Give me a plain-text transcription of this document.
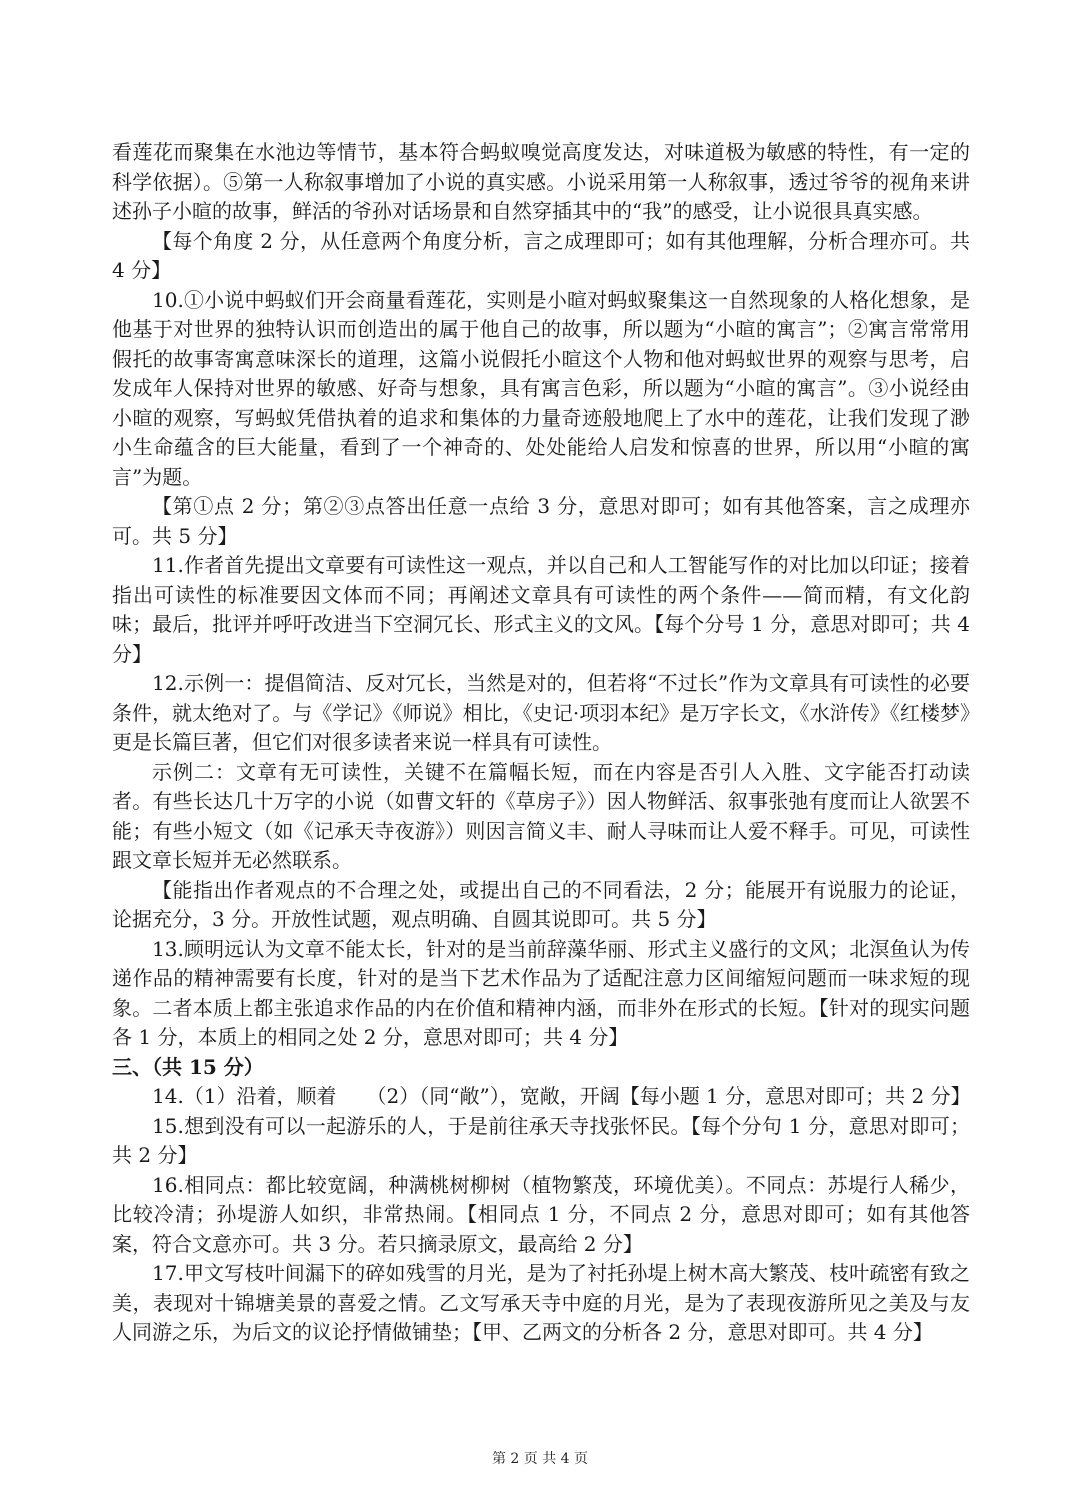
看莲花而聚集在水池边等情节，基本符合蚂蚁嗅觉高度发达，对味道极为敏感的特性，有一定的科学依据）。⑤第一人称叙事增加了小说的真实感。小说采用第一人称叙事，透过爷爷的视角来讲述孙子小暄的故事，鲜活的爷孙对话场景和自然穿插其中的“我”的感受，让小说很具真实感。

【每个角度 2 分，从任意两个角度分析，言之成理即可；如有其他理解，分析合理亦可。共 4 分】

10.①小说中蚂蚁们开会商量看莲花，实则是小暄对蚂蚁聚集这一自然现象的人格化想象，是他基于对世界的独特认识而创造出的属于他自己的故事，所以题为“小暄的寓言”；②寓言常常用假托的故事寄寓意味深长的道理，这篇小说假托小暄这个人物和他对蚂蚁世界的观察与思考，启发成年人保持对世界的敏感、好奇与想象，具有寓言色彩，所以题为“小暄的寓言”。③小说经由小暄的观察，写蚂蚁凭借执着的追求和集体的力量奇迹般地爬上了水中的莲花，让我们发现了渺小生命蕴含的巨大能量，看到了一个神奇的、处处能给人启发和惊喜的世界，所以用“小暄的寓言”为题。

【第①点 2 分；第②③点答出任意一点给 3 分，意思对即可；如有其他答案，言之成理亦可。共 5 分】

11.作者首先提出文章要有可读性这一观点，并以自己和人工智能写作的对比加以印证；接着指出可读性的标准要因文体而不同；再阐述文章具有可读性的两个条件——简而精，有文化韵味；最后，批评并呼吁改进当下空洞冗长、形式主义的文风。【每个分号 1 分，意思对即可；共 4 分】

12.示例一：提倡简洁、反对冗长，当然是对的，但若将“不过长”作为文章具有可读性的必要条件，就太绝对了。与《学记》《师说》相比，《史记·项羽本纪》是万字长文，《水浒传》《红楼梦》更是长篇巨著，但它们对很多读者来说一样具有可读性。

示例二：文章有无可读性，关键不在篇幅长短，而在内容是否引人入胜、文字能否打动读者。有些长达几十万字的小说（如曹文轩的《草房子》）因人物鲜活、叙事张弛有度而让人欲罢不能；有些小短文（如《记承天寺夜游》）则因言简义丰、耐人寻味而让人爱不释手。可见，可读性跟文章长短并无必然联系。

【能指出作者观点的不合理之处，或提出自己的不同看法，2 分；能展开有说服力的论证，论据充分，3 分。开放性试题，观点明确、自圆其说即可。共 5 分】

13.顾明远认为文章不能太长，针对的是当前辞藻华丽、形式主义盛行的文风；北溟鱼认为传递作品的精神需要有长度，针对的是当下艺术作品为了适配注意力区间缩短问题而一味求短的现象。二者本质上都主张追求作品的内在价值和精神内涵，而非外在形式的长短。【针对的现实问题各 1 分，本质上的相同之处 2 分，意思对即可；共 4 分】

三、（共 15 分）

14.（1）沿着，顺着　　（2）（同“敞”），宽敞，开阔【每小题 1 分，意思对即可；共 2 分】

15.想到没有可以一起游乐的人，于是前往承天寺找张怀民。【每个分句 1 分，意思对即可；共 2 分】

16.相同点：都比较宽阔，种满桃树柳树（植物繁茂，环境优美）。不同点：苏堤行人稀少，比较冷清；孙堤游人如织，非常热闹。【相同点 1 分，不同点 2 分，意思对即可；如有其他答案，符合文意亦可。共 3 分。若只摘录原文，最高给 2 分】

17.甲文写枝叶间漏下的碎如残雪的月光，是为了衬托孙堤上树木高大繁茂、枝叶疏密有致之美，表现对十锦塘美景的喜爱之情。乙文写承天寺中庭的月光，是为了表现夜游所见之美及与友人同游之乐，为后文的议论抒情做铺垫；【甲、乙两文的分析各 2 分，意思对即可。共 4 分】

第 2 页 共 4 页
